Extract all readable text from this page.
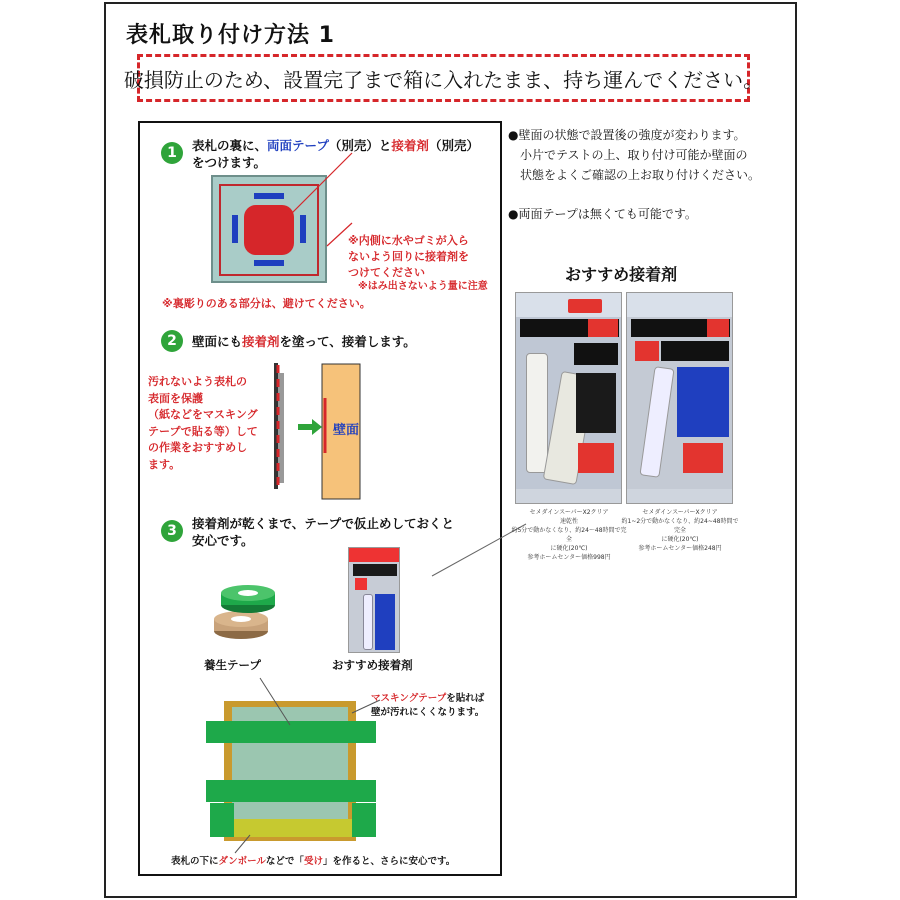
表札取り付け方法 1
破損防止のため、設置完了まで箱に入れたまま、持ち運んでください。
1	表札の裏に、両面テープ（別売）と接着剤（別売）
をつけます。
※内側に水やゴミが入ら
ないよう回りに接着剤を
つけてください
※はみ出さないよう量に注意
※裏彫りのある部分は、避けてください。
2	壁面にも接着剤を塗って、接着します。
汚れないよう表札の
表面を保護
（紙などをマスキング
テープで貼る等）して
の作業をおすすめし
ます。
壁面
3	接着剤が乾くまで、テープで仮止めしておくと
安心です。
養生テープ	おすすめ接着剤
マスキングテープを貼れば
壁が汚れにくくなります。
表札の下にダンボールなどで「受け」を作ると、さらに安心です。
●壁面の状態で設置後の強度が変わります。
小片でテストの上、取り付け可能か壁面の
状態をよくご確認の上お取り付けください。
●両面テープは無くても可能です。
おすすめ接着剤
セメダインスーパーX2クリア
速乾性
約5分で動かなくなり、約24〜48時間で完全
に硬化(20℃)
参考ホームセンター価格998円
セメダインスーパーXクリア
約1~2分で動かなくなり、約24~48時間で完全
に硬化(20℃)
参考ホームセンター価格248円
